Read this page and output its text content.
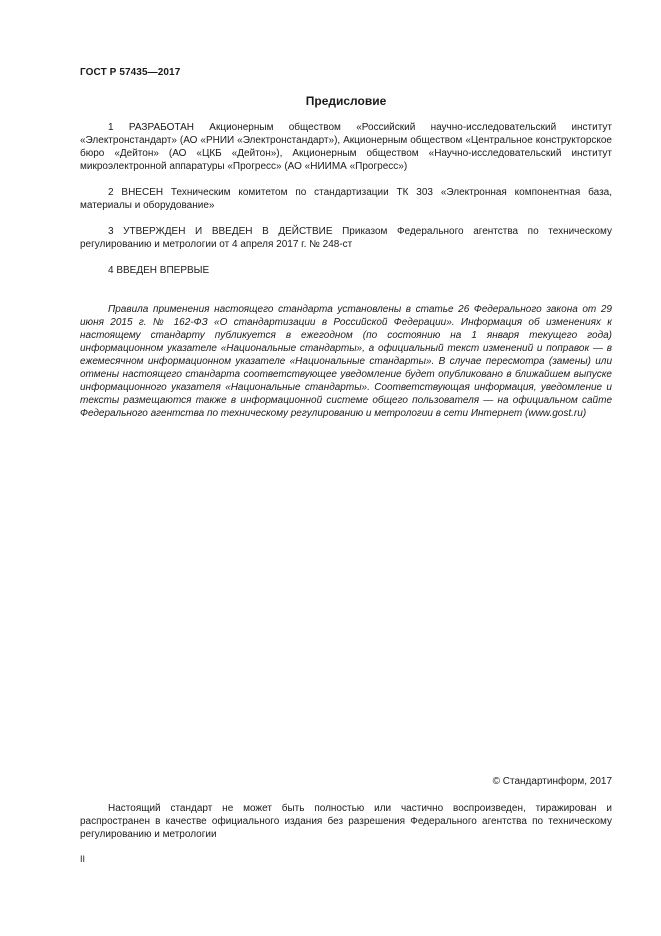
ГОСТ Р 57435—2017
Предисловие

1 РАЗРАБОТАН Акционерным обществом «Российский научно-исследовательский институт «Электронстандарт» (АО «РНИИ «Электронстандарт»), Акционерным обществом «Центральное конструкторское бюро «Дейтон» (АО «ЦКБ «Дейтон»), Акционерным обществом «Научно-исследовательский институт микроэлектронной аппаратуры «Прогресс» (АО «НИИМА «Прогресс»)

2 ВНЕСЕН Техническим комитетом по стандартизации ТК 303 «Электронная компонентная база, материалы и оборудование»

3 УТВЕРЖДЕН И ВВЕДЕН В ДЕЙСТВИЕ Приказом Федерального агентства по техническому регулированию и метрологии от 4 апреля 2017 г. № 248-ст

4 ВВЕДЕН ВПЕРВЫЕ

Правила применения настоящего стандарта установлены в статье 26 Федерального закона от 29 июня 2015 г. № 162-ФЗ «О стандартизации в Российской Федерации». Информация об изменениях к настоящему стандарту публикуется в ежегодном (по состоянию на 1 января текущего года) информационном указателе «Национальные стандарты», а официальный текст изменений и поправок — в ежемесячном информационном указателе «Национальные стандарты». В случае пересмотра (замены) или отмены настоящего стандарта соответствующее уведомление будет опубликовано в ближайшем выпуске информационного указателя «Национальные стандарты». Соответствующая информация, уведомление и тексты размещаются также в информационной системе общего пользователя — на официальном сайте Федерального агентства по техническому регулированию и метрологии в сети Интернет (www.gost.ru)

© Стандартинформ, 2017

Настоящий стандарт не может быть полностью или частично воспроизведен, тиражирован и распространен в качестве официального издания без разрешения Федерального агентства по техническому регулированию и метрологии

II
